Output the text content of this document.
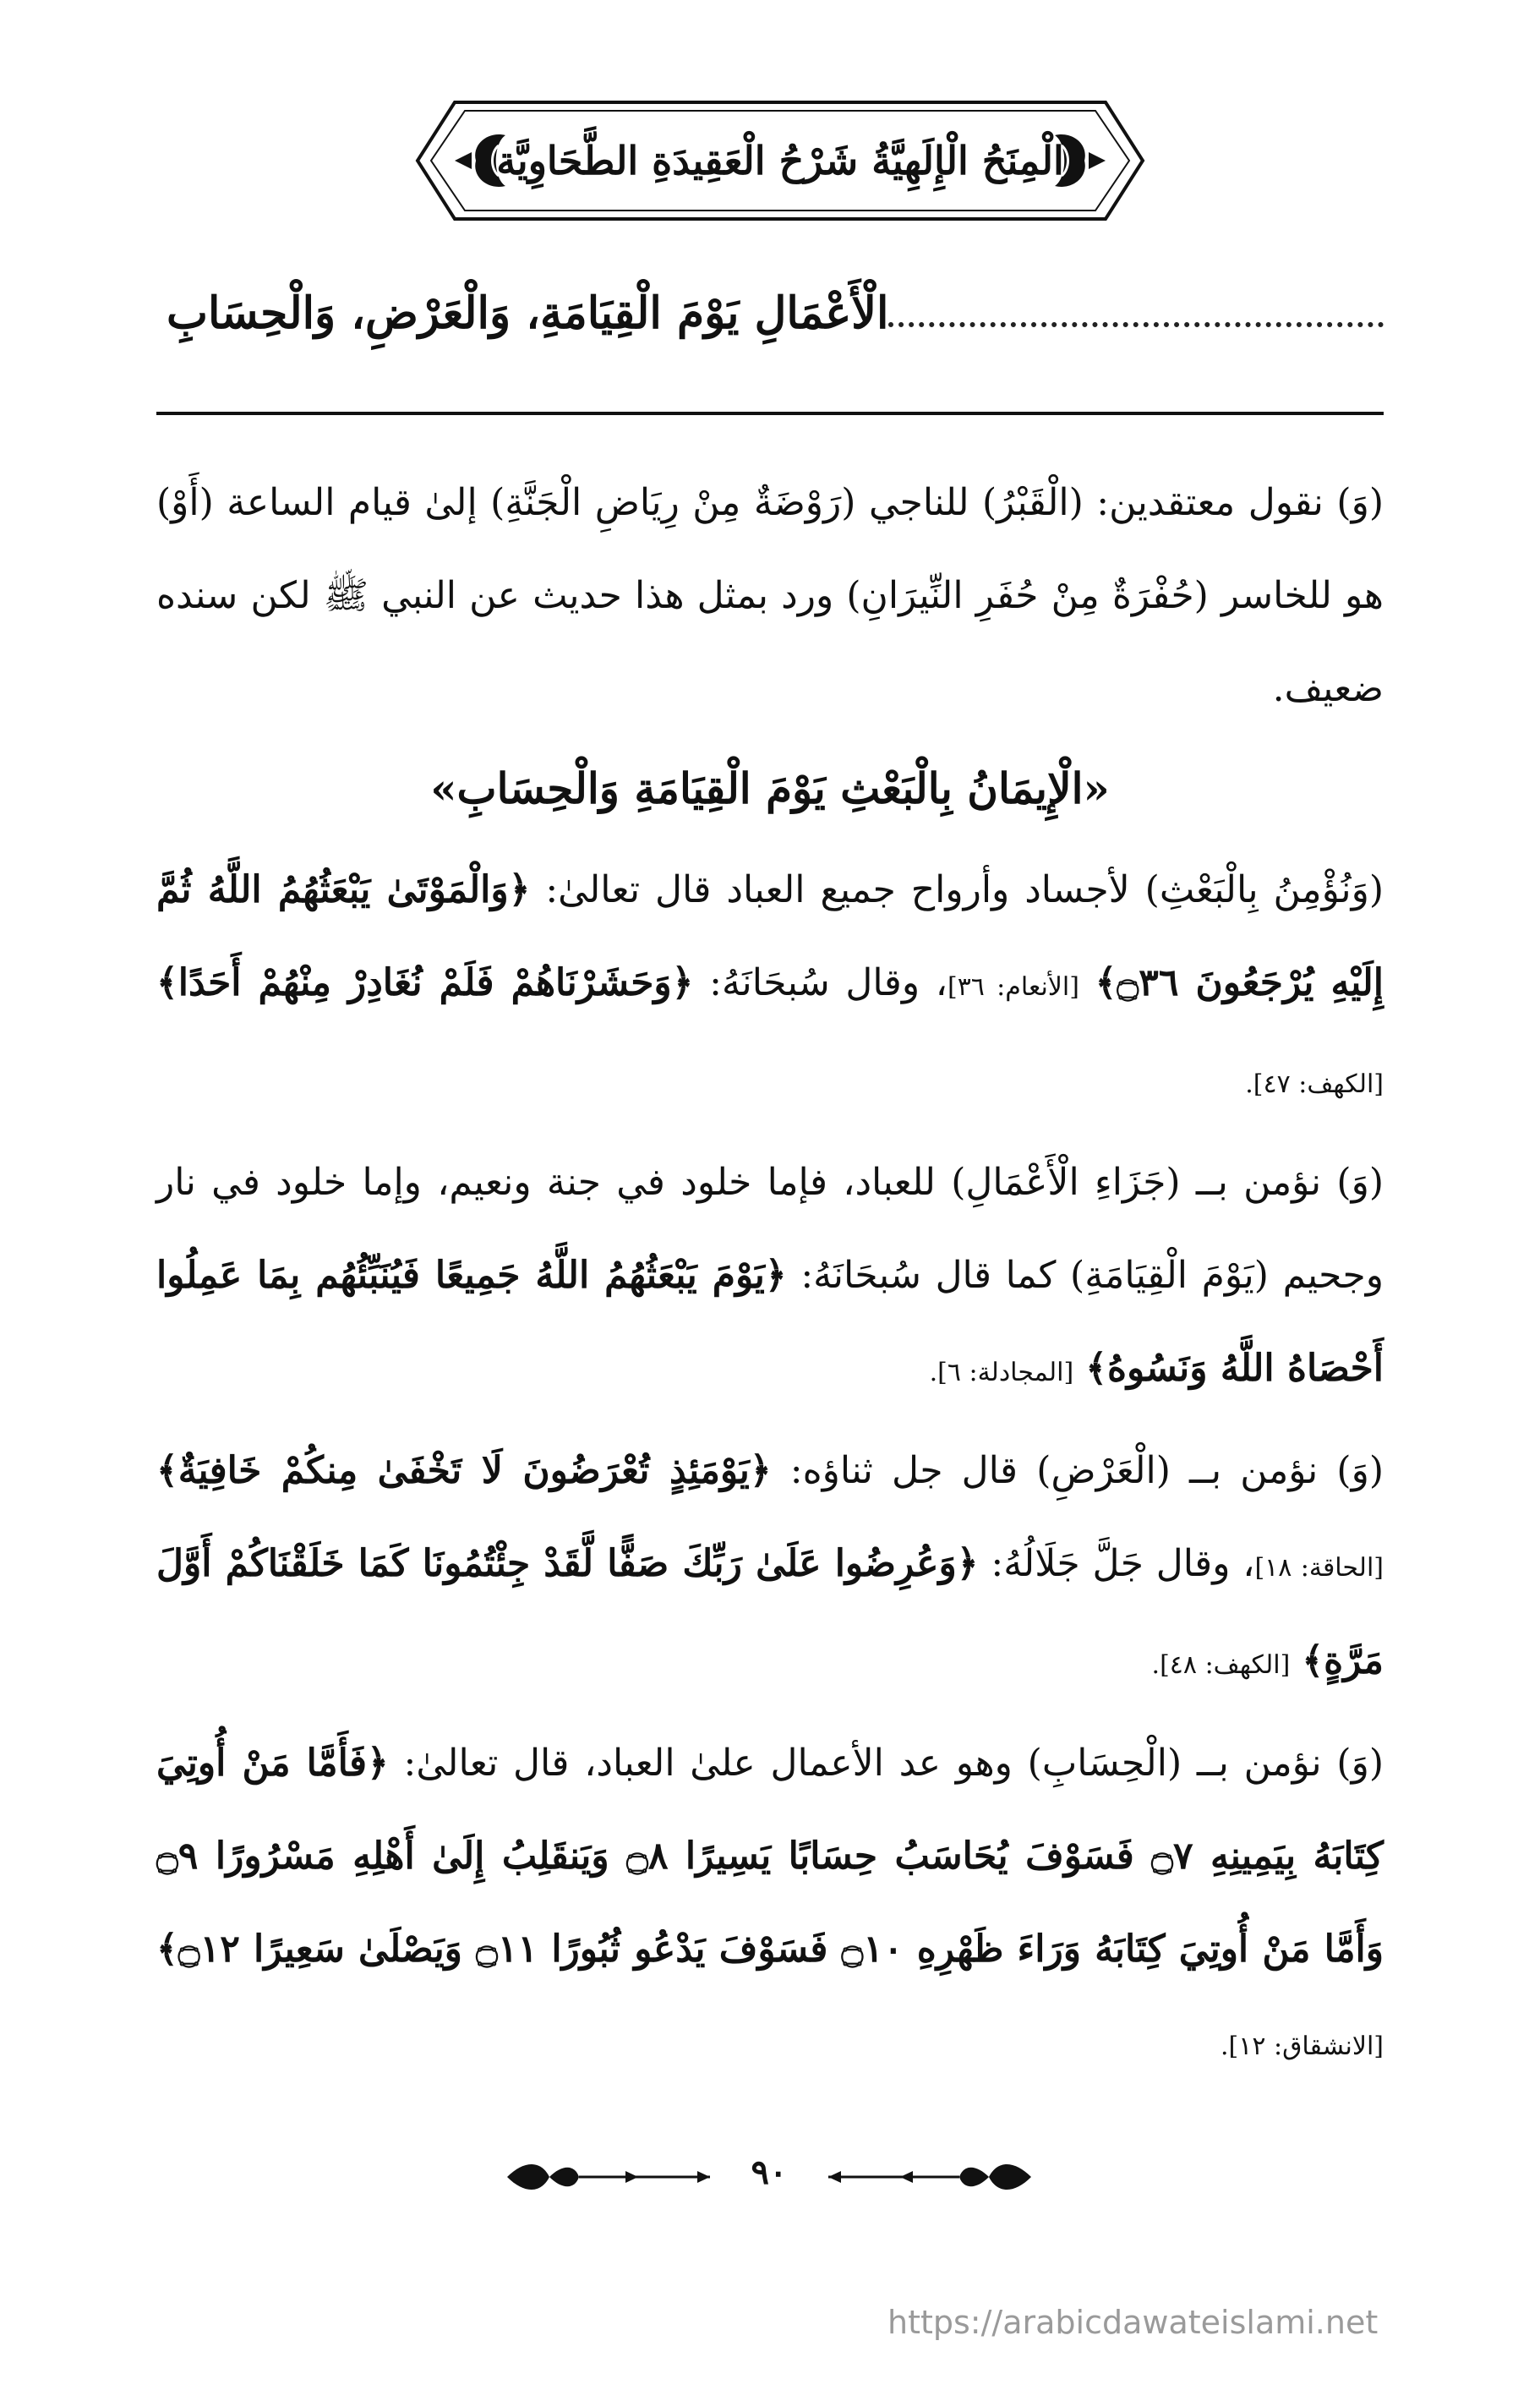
الْمِنَحُ الْإِلَهِيَّةُ شَرْحُ الْعَقِيدَةِ الطَّحَاوِيَّة
الْأَعْمَالِ يَوْمَ الْقِيَامَةِ، وَالْعَرْضِ، وَالْحِسَابِ

(وَ) نقول معتقدين: (الْقَبْرُ) للناجي (رَوْضَةٌ مِنْ رِيَاضِ الْجَنَّةِ) إلىٰ قيام الساعة (أَوْ) هو للخاسر (حُفْرَةٌ مِنْ حُفَرِ النِّيرَانِ) ورد بمثل هذا حديث عن النبي ﷺ لكن سنده ضعيف.

«الْإِيمَانُ بِالْبَعْثِ يَوْمَ الْقِيَامَةِ وَالْحِسَابِ»

(وَنُؤْمِنُ بِالْبَعْثِ) لأجساد وأرواح جميع العباد قال تعالىٰ: ﴿وَالْمَوْتَىٰ يَبْعَثُهُمُ اللَّهُ ثُمَّ إِلَيْهِ يُرْجَعُونَ ۝٣٦﴾ [الأنعام: ٣٦]، وقال سُبحَانَهُ: ﴿وَحَشَرْنَاهُمْ فَلَمْ نُغَادِرْ مِنْهُمْ أَحَدًا﴾ [الكهف: ٤٧].

(وَ) نؤمن بــ (جَزَاءِ الْأَعْمَالِ) للعباد، فإما خلود في جنة ونعيم، وإما خلود في نار وجحيم (يَوْمَ الْقِيَامَةِ) كما قال سُبحَانَهُ: ﴿يَوْمَ يَبْعَثُهُمُ اللَّهُ جَمِيعًا فَيُنَبِّئُهُم بِمَا عَمِلُوا أَحْصَاهُ اللَّهُ وَنَسُوهُ﴾ [المجادلة: ٦].

(وَ) نؤمن بــ (الْعَرْضِ) قال جل ثناؤه: ﴿يَوْمَئِذٍ تُعْرَضُونَ لَا تَخْفَىٰ مِنكُمْ خَافِيَةٌ﴾ [الحاقة: ١٨]، وقال جَلَّ جَلَالُهُ: ﴿وَعُرِضُوا عَلَىٰ رَبِّكَ صَفًّا لَّقَدْ جِئْتُمُونَا كَمَا خَلَقْنَاكُمْ أَوَّلَ مَرَّةٍ﴾ [الكهف: ٤٨].

(وَ) نؤمن بــ (الْحِسَابِ) وهو عد الأعمال علىٰ العباد، قال تعالىٰ: ﴿فَأَمَّا مَنْ أُوتِيَ كِتَابَهُ بِيَمِينِهِ ۝٧ فَسَوْفَ يُحَاسَبُ حِسَابًا يَسِيرًا ۝٨ وَيَنقَلِبُ إِلَىٰ أَهْلِهِ مَسْرُورًا ۝٩ وَأَمَّا مَنْ أُوتِيَ كِتَابَهُ وَرَاءَ ظَهْرِهِ ۝١٠ فَسَوْفَ يَدْعُو ثُبُورًا ۝١١ وَيَصْلَىٰ سَعِيرًا ۝١٢﴾ [الانشقاق: ١٢].

٩٠
https://arabicdawateislami.net
